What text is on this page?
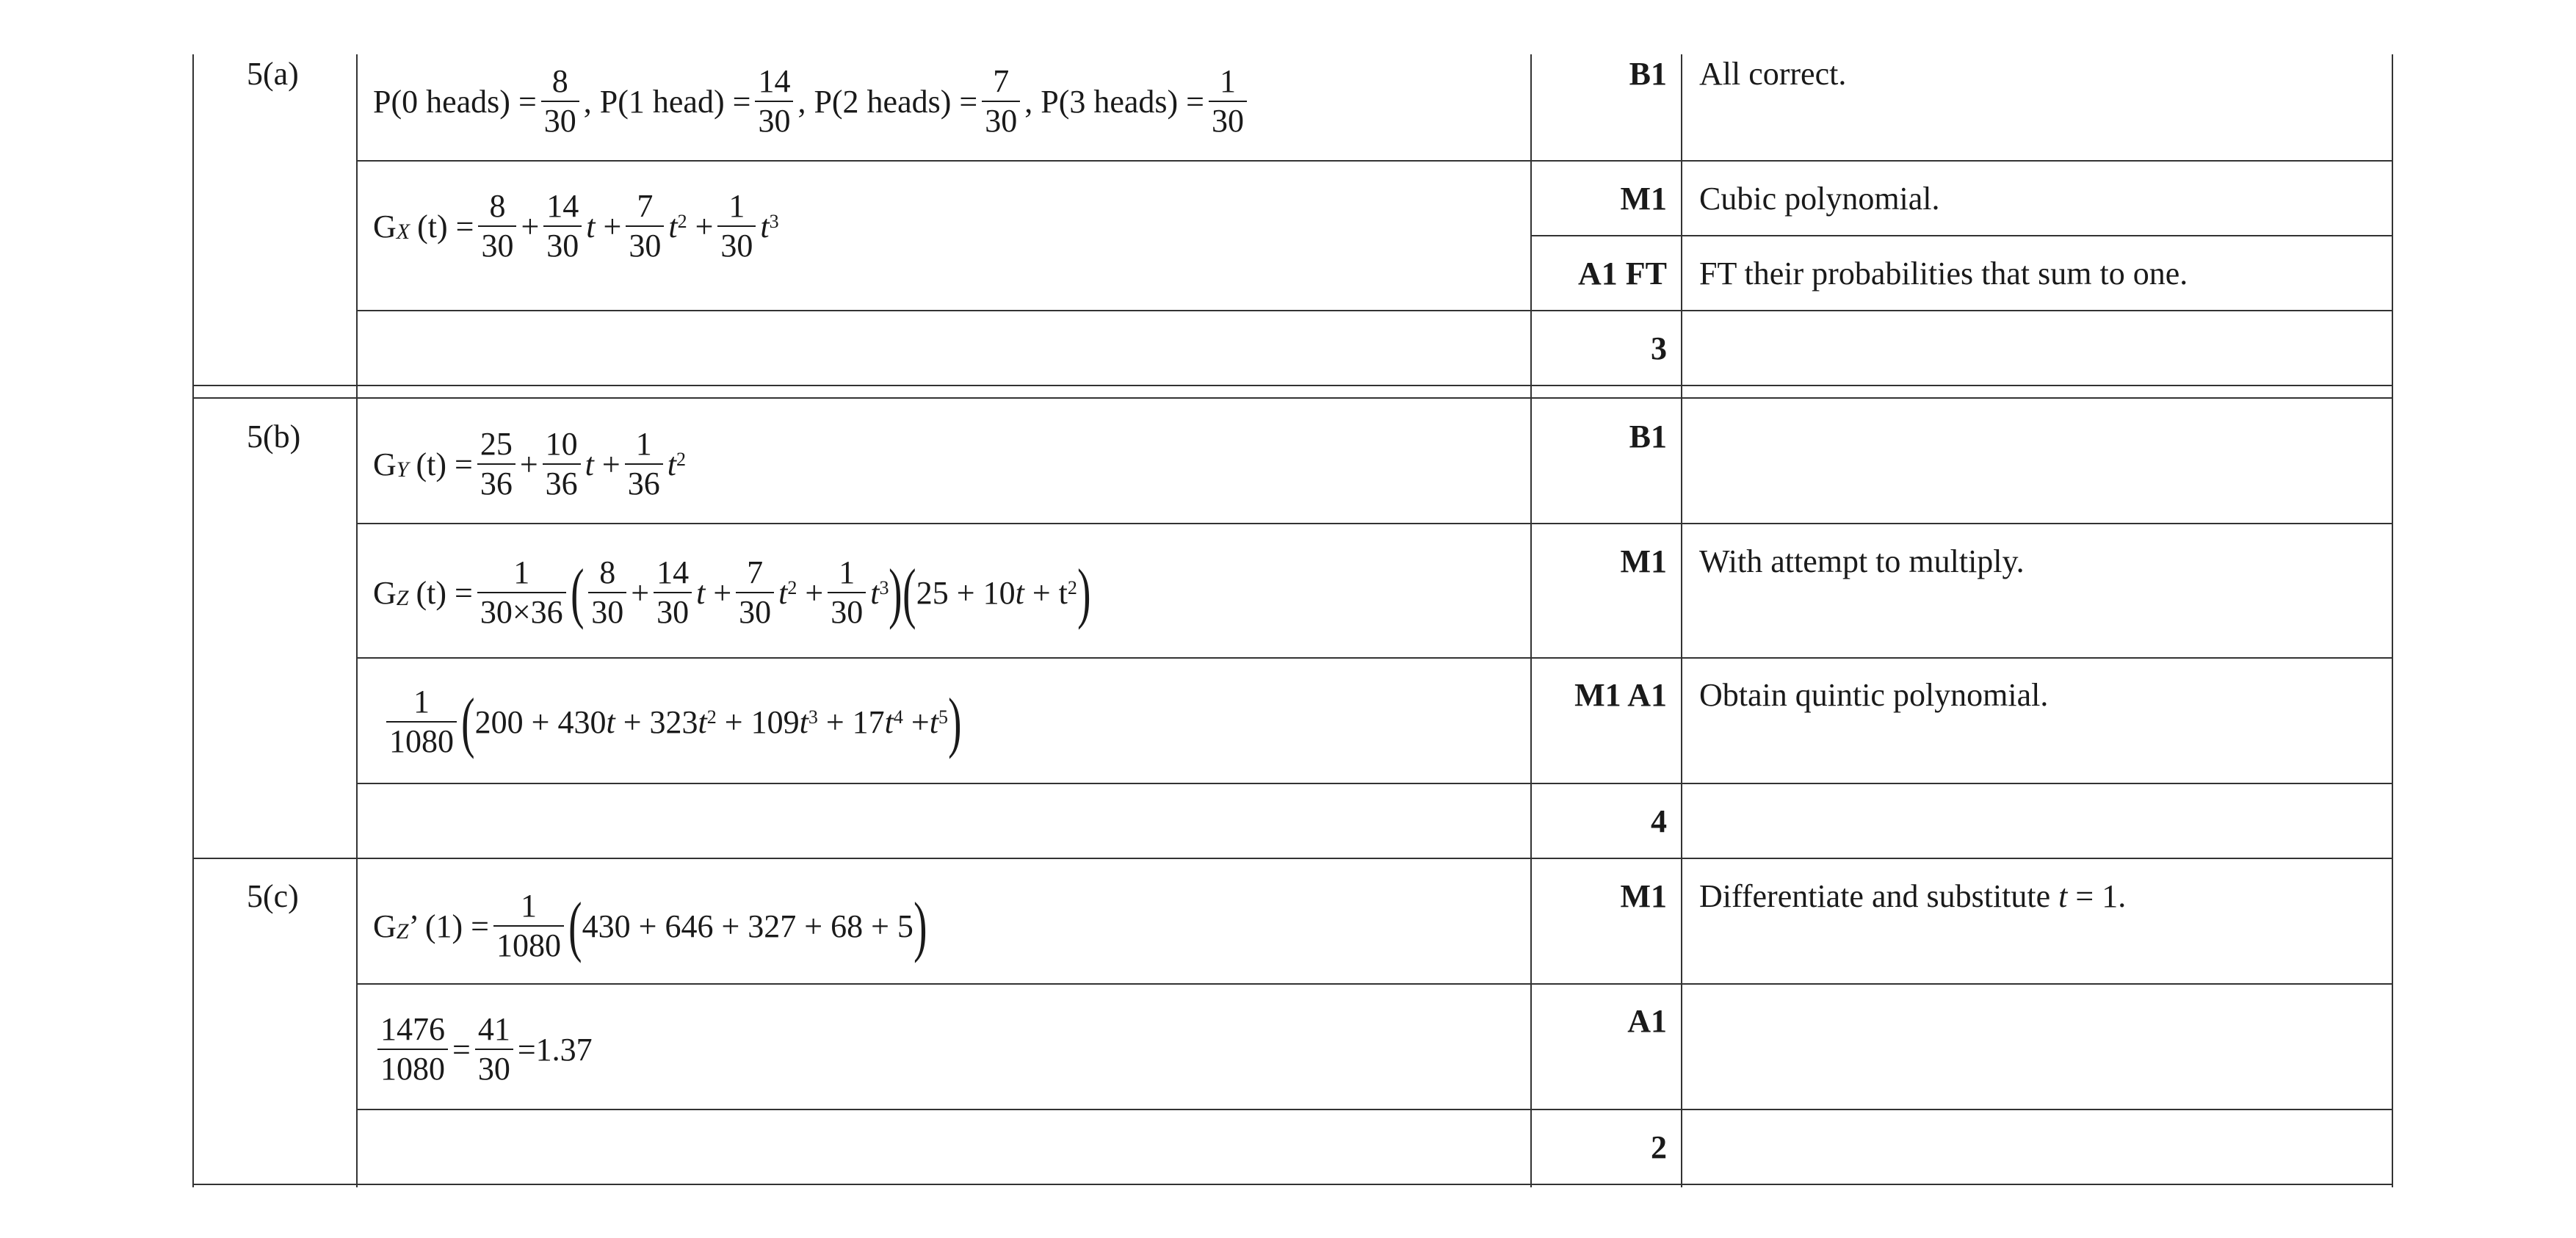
5(a)
P(0 heads) = $\frac{8}{30}$ , P(1 head) = $\frac{14}{30}$ , P(2 heads) = $\frac{7}{30}$ , P(3 heads) = $\frac{1}{30}$
$G_X$ $(t) = \frac{8}{30} + \frac{14}{30}$ $t + \frac{7}{30} t^2 + \frac{1}{30} t^3$
B1
M1
A1 FT
3
All correct.
Cubic polynomial.
FT their probabilities that sum to one.
5(b)
$G_Y$ $(t) = \frac{25}{36} + \frac{10}{36}$ $t + \frac{1}{36} t^2$
$G_Z$ $(t) = \frac{1}{30\times 36}$ ( $\frac{8}{30} + \frac{14}{30}$ $t + \frac{7}{30} t^2 + \frac{1}{30} t^3$ ) ( 25 + 10 $t + t^2$ )
$\frac{1}{1080}$ ( 200 + 430 t + 323 $t^2 + 109$ $t^3 + 17$ $t^4 + t^5$ )
B1
M1
M1 A1
4
With attempt to multiply.
Obtain quintic polynomial.
5(c)
$G_Z$ ’ $(1) = \frac{1}{1080}$ ( 430 + 646 + 327 + 68 + 5 )
$\frac{1476}{1080} = \frac{41}{30} =1.37$
M1
A1
2
Differentiate and substitute t = 1.
